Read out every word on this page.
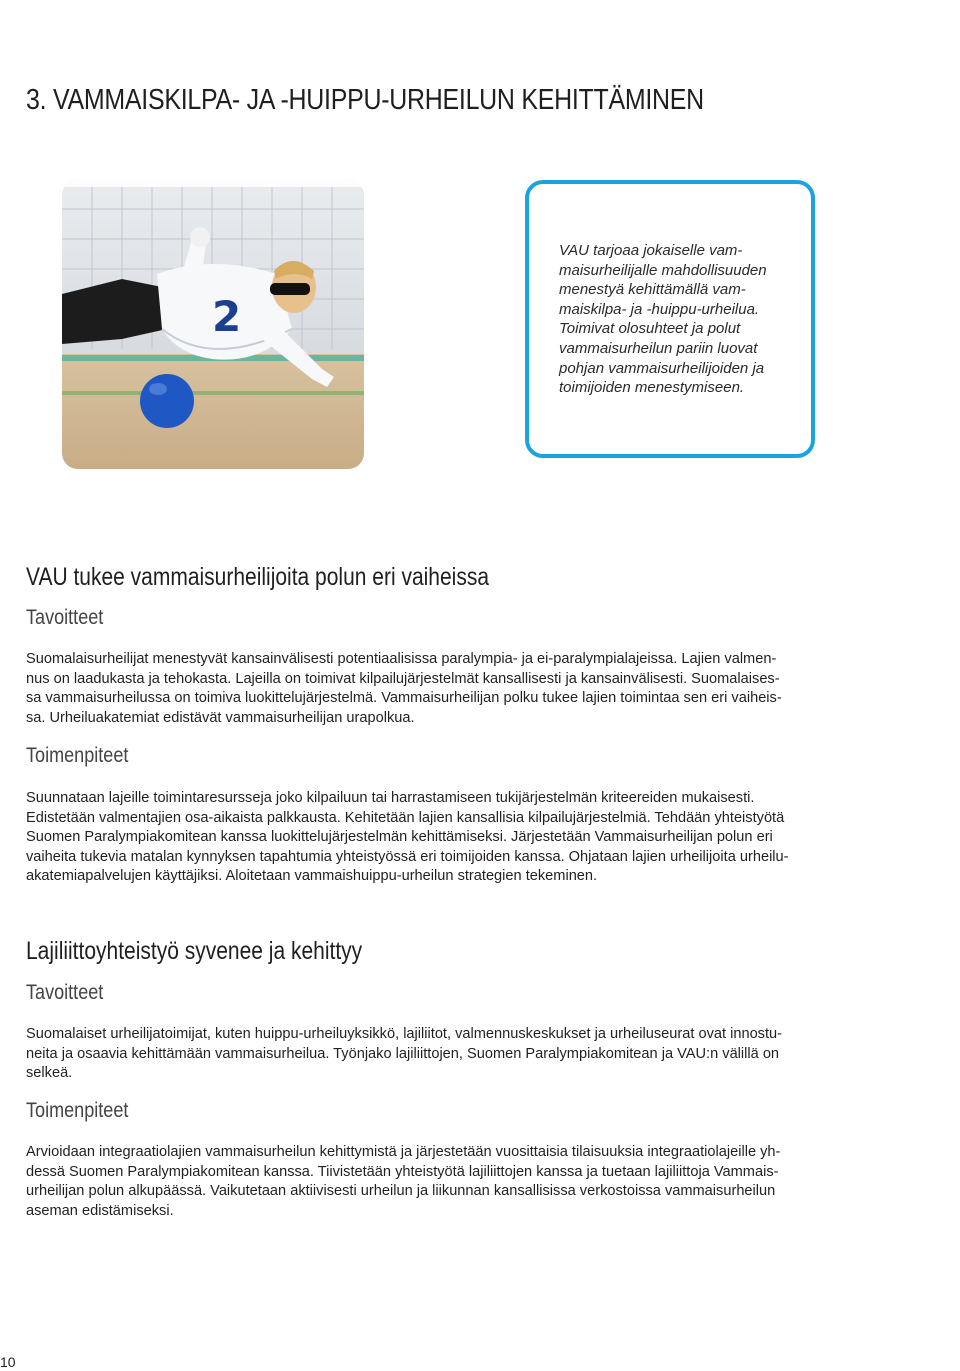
3. VAMMAISKILPA- JA -HUIPPU-URHEILUN KEHITTÄMINEN
2
VAU tarjoaa jokaiselle vam-
maisurheilijalle mahdollisuuden
menestyä kehittämällä vam-
maiskilpa- ja -huippu-urheilua.
Toimivat olosuhteet ja polut
vammaisurheilun pariin luovat
pohjan vammaisurheilijoiden ja
toimijoiden menestymiseen.
VAU tukee vammaisurheilijoita polun eri vaiheissa
Tavoitteet
Suomalaisurheilijat menestyvät kansainvälisesti potentiaalisissa paralympia- ja ei-paralympialajeissa. Lajien valmen-
nus on laadukasta ja tehokasta. Lajeilla on toimivat kilpailujärjestelmät kansallisesti ja kansainvälisesti. Suomalaises-
sa vammaisurheilussa on toimiva luokittelujärjestelmä. Vammaisurheilijan polku tukee lajien toimintaa sen eri vaiheis-
sa. Urheiluakatemiat edistävät vammaisurheilijan urapolkua.
Toimenpiteet
Suunnataan lajeille toimintaresursseja joko kilpailuun tai harrastamiseen tukijärjestelmän kriteereiden mukaisesti.
Edistetään valmentajien osa-aikaista palkkausta. Kehitetään lajien kansallisia kilpailujärjestelmiä. Tehdään yhteistyötä
Suomen Paralympiakomitean kanssa luokittelujärjestelmän kehittämiseksi. Järjestetään Vammaisurheilijan polun eri
vaiheita tukevia matalan kynnyksen tapahtumia yhteistyössä eri toimijoiden kanssa. Ohjataan lajien urheilijoita urheilu-
akatemiapalvelujen käyttäjiksi. Aloitetaan vammaishuippu-urheilun strategien tekeminen.
Lajiliittoyhteistyö syvenee ja kehittyy
Tavoitteet
Suomalaiset urheilijatoimijat, kuten huippu-urheiluyksikkö, lajiliitot, valmennuskeskukset ja urheiluseurat ovat innostu-
neita ja osaavia kehittämään vammaisurheilua. Työnjako lajiliittojen, Suomen Paralympiakomitean ja VAU:n välillä on
selkeä.
Toimenpiteet
Arvioidaan integraatiolajien vammaisurheilun kehittymistä ja järjestetään vuosittaisia tilaisuuksia integraatiolajeille yh-
dessä Suomen Paralympiakomitean kanssa. Tiivistetään yhteistyötä lajiliittojen kanssa ja tuetaan lajiliittoja Vammais-
urheilijan polun alkupäässä. Vaikutetaan aktiivisesti urheilun ja liikunnan kansallisissa verkostoissa vammaisurheilun
aseman edistämiseksi.
10
